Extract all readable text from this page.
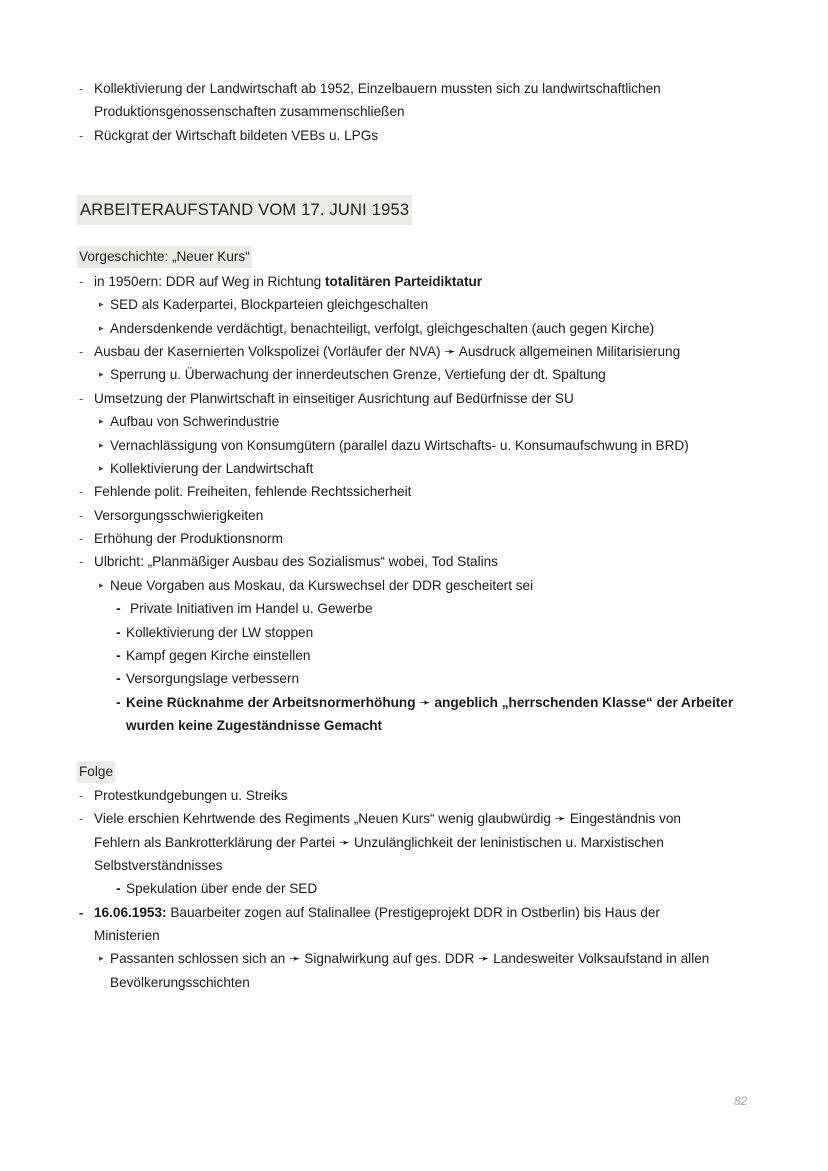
- Kollektivierung der Landwirtschaft ab 1952, Einzelbauern mussten sich zu landwirtschaftlichen
Produktionsgenossenschaften zusammenschließen
- Rückgrat der Wirtschaft bildeten VEBs u. LPGs
ARBEITERAUFSTAND VOM 17. JUNI 1953
Vorgeschichte: „Neuer Kurs“
- in 1950ern: DDR auf Weg in Richtung totalitären Parteidiktatur
▸ SED als Kaderpartei, Blockparteien gleichgeschalten
▸ Andersdenkende verdächtigt, benachteiligt, verfolgt, gleichgeschalten (auch gegen Kirche)
- Ausbau der Kasernierten Volkspolizei (Vorläufer der NVA) ➛ Ausdruck allgemeinen Militarisierung
▸ Sperrung u. Überwachung der innerdeutschen Grenze, Vertiefung der dt. Spaltung
- Umsetzung der Planwirtschaft in einseitiger Ausrichtung auf Bedürfnisse der SU
▸ Aufbau von Schwerindustrie
▸ Vernachlässigung von Konsumgütern (parallel dazu Wirtschafts- u. Konsumaufschwung in BRD)
▸ Kollektivierung der Landwirtschaft
- Fehlende polit. Freiheiten, fehlende Rechtssicherheit
- Versorgungsschwierigkeiten
- Erhöhung der Produktionsnorm
- Ulbricht: „Planmäßiger Ausbau des Sozialismus“ wobei, Tod Stalins
▸ Neue Vorgaben aus Moskau, da Kurswechsel der DDR gescheitert sei
- Private Initiativen im Handel u. Gewerbe
- Kollektivierung der LW stoppen
- Kampf gegen Kirche einstellen
- Versorgungslage verbessern
- Keine Rücknahme der Arbeitsnormerhöhung ➛ angeblich „herrschenden Klasse“ der Arbeiter
wurden keine Zugeständnisse Gemacht
Folge
- Protestkundgebungen u. Streiks
- Viele erschien Kehrtwende des Regiments „Neuen Kurs“ wenig glaubwürdig ➛ Eingeständnis von
Fehlern als Bankrotterklärung der Partei ➛ Unzulänglichkeit der leninistischen u. Marxistischen
Selbstverständnisses
- Spekulation über ende der SED
- 16.06.1953: Bauarbeiter zogen auf Stalinallee (Prestigeprojekt DDR in Ostberlin) bis Haus der
Ministerien
▸ Passanten schlossen sich an ➛ Signalwirkung auf ges. DDR ➛ Landesweiter Volksaufstand in allen
Bevölkerungsschichten
82
